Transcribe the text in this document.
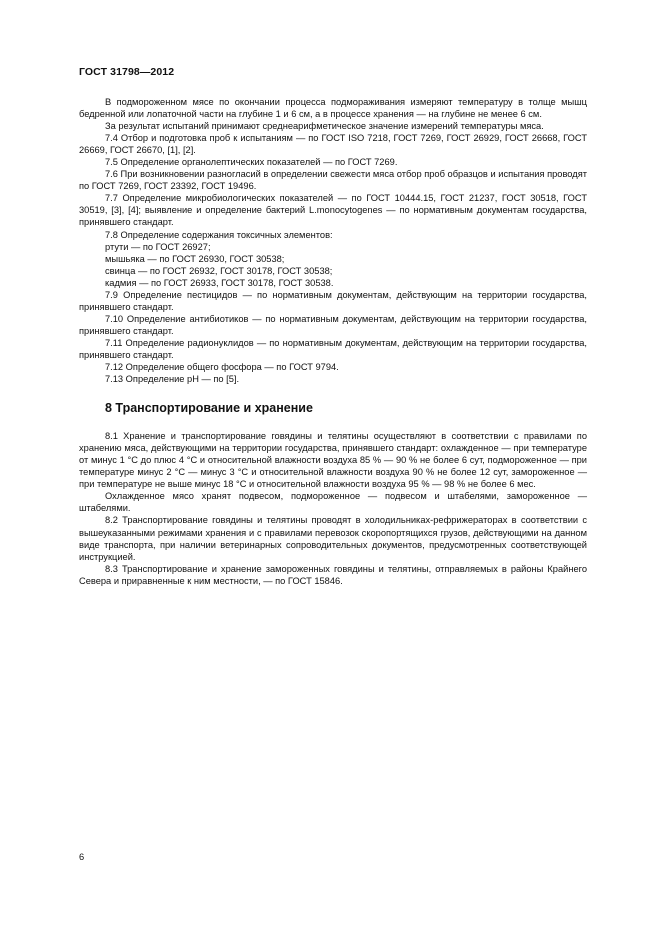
ГОСТ 31798—2012

В подмороженном мясе по окончании процесса подмораживания измеряют температуру в толще мышц бедренной или лопаточной части на глубине 1 и 6 см, а в процессе хранения — на глубине не менее 6 см.

За результат испытаний принимают среднеарифметическое значение измерений температуры мяса.

7.4 Отбор и подготовка проб к испытаниям — по ГОСТ ISO 7218, ГОСТ 7269, ГОСТ 26929, ГОСТ 26668, ГОСТ 26669, ГОСТ 26670, [1], [2].

7.5 Определение органолептических показателей — по ГОСТ 7269.

7.6 При возникновении разногласий в определении свежести мяса отбор проб образцов и испытания проводят по ГОСТ 7269, ГОСТ 23392, ГОСТ 19496.

7.7 Определение микробиологических показателей — по ГОСТ 10444.15, ГОСТ 21237, ГОСТ 30518, ГОСТ 30519, [3], [4]; выявление и определение бактерий L.monocytogenes — по нормативным документам государства, принявшего стандарт.

7.8 Определение содержания токсичных элементов:

ртути — по ГОСТ 26927;

мышьяка — по ГОСТ 26930, ГОСТ 30538;

свинца — по ГОСТ 26932, ГОСТ 30178, ГОСТ 30538;

кадмия — по ГОСТ 26933, ГОСТ 30178, ГОСТ 30538.

7.9 Определение пестицидов — по нормативным документам, действующим на территории государства, принявшего стандарт.

7.10 Определение антибиотиков — по нормативным документам, действующим на территории государства, принявшего стандарт.

7.11 Определение радионуклидов — по нормативным документам, действующим на территории государства, принявшего стандарт.

7.12 Определение общего фосфора — по ГОСТ 9794.

7.13 Определение pH — по [5].

8 Транспортирование и хранение

8.1 Хранение и транспортирование говядины и телятины осуществляют в соответствии с правилами по хранению мяса, действующими на территории государства, принявшего стандарт: охлажденное — при температуре от минус 1 °С до плюс 4 °С и относительной влажности воздуха 85 % — 90 % не более 6 сут, подмороженное — при температуре минус 2 °С — минус 3 °С и относительной влажности воздуха 90 % не более 12 сут, замороженное — при температуре не выше минус 18 °С и относительной влажности воздуха 95 % — 98 % не более 6 мес.

Охлажденное мясо хранят подвесом, подмороженное — подвесом и штабелями, замороженное — штабелями.

8.2 Транспортирование говядины и телятины проводят в холодильниках-рефрижераторах в соответствии с вышеуказанными режимами хранения и с правилами перевозок скоропортящихся грузов, действующими на данном виде транспорта, при наличии ветеринарных сопроводительных документов, предусмотренных соответствующей инструкцией.

8.3 Транспортирование и хранение замороженных говядины и телятины, отправляемых в районы Крайнего Севера и приравненные к ним местности, — по ГОСТ 15846.

6
